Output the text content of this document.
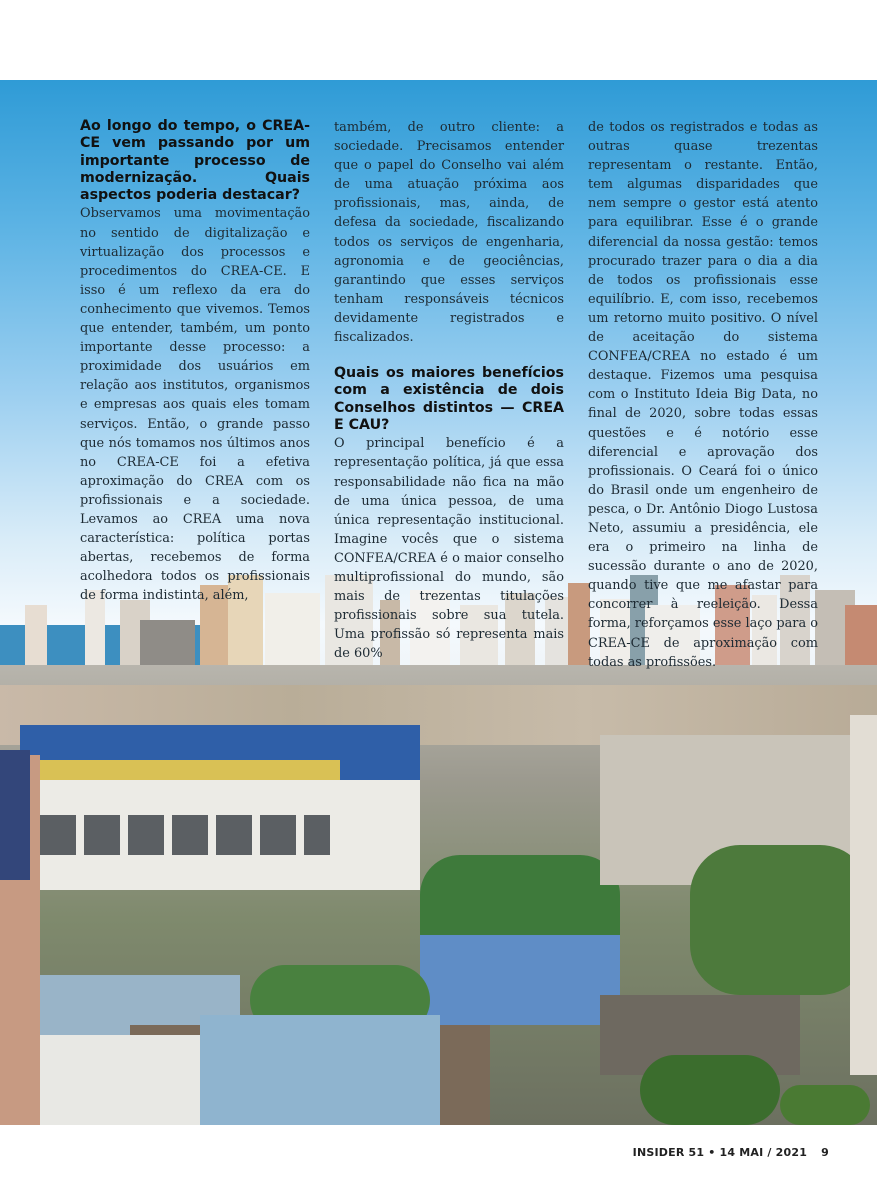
Ao longo do tempo, o CREA-CE vem passando por um importante processo de modernização. Quais aspectos poderia destacar?

Observamos uma movimentação no sentido de digitalização e virtualização dos processos e procedimentos do CREA-CE. E isso é um reflexo da era do conhecimento que vivemos. Temos que entender, também, um ponto importante desse processo: a proximidade dos usuários em relação aos institutos, organismos e empresas aos quais eles tomam serviços. Então, o grande passo que nós tomamos nos últimos anos no CREA-CE foi a efetiva aproximação do CREA com os profissionais e a sociedade. Levamos ao CREA uma nova característica: política portas abertas, recebemos de forma acolhedora todos os profissionais de forma indistinta, além,

também, de outro cliente: a sociedade. Precisamos entender que o papel do Conselho vai além de uma atuação próxima aos profissionais, mas, ainda, de defesa da sociedade, fiscalizando todos os serviços de engenharia, agronomia e de geociências, garantindo que esses serviços tenham responsáveis técnicos devidamente registrados e fiscalizados.

Quais os maiores benefícios com a existência de dois Conselhos distintos — CREA E CAU?

O principal benefício é a representação política, já que essa responsabilidade não fica na mão de uma única pessoa, de uma única representação institucional. Imagine vocês que o sistema CONFEA/CREA é o maior conselho multiprofissional do mundo, são mais de trezentas titulações profissionais sobre sua tutela. Uma profissão só representa mais de 60%

de todos os registrados e todas as outras quase trezentas representam o restante. Então, tem algumas disparidades que nem sempre o gestor está atento para equilibrar. Esse é o grande diferencial da nossa gestão: temos procurado trazer para o dia a dia de todos os profissionais esse equilíbrio. E, com isso, recebemos um retorno muito positivo. O nível de aceitação do sistema CONFEA/CREA no estado é um destaque. Fizemos uma pesquisa com o Instituto Ideia Big Data, no final de 2020, sobre todas essas questões e é notório esse diferencial e aprovação dos profissionais. O Ceará foi o único do Brasil onde um engenheiro de pesca, o Dr. Antônio Diogo Lustosa Neto, assumiu a presidência, ele era o primeiro na linha de sucessão durante o ano de 2020, quando tive que me afastar para concorrer à reeleição. Dessa forma, reforçamos esse laço para o CREA-CE de aproximação com todas as profissões.

INSIDER 51 • 14 MAI / 2021 9
